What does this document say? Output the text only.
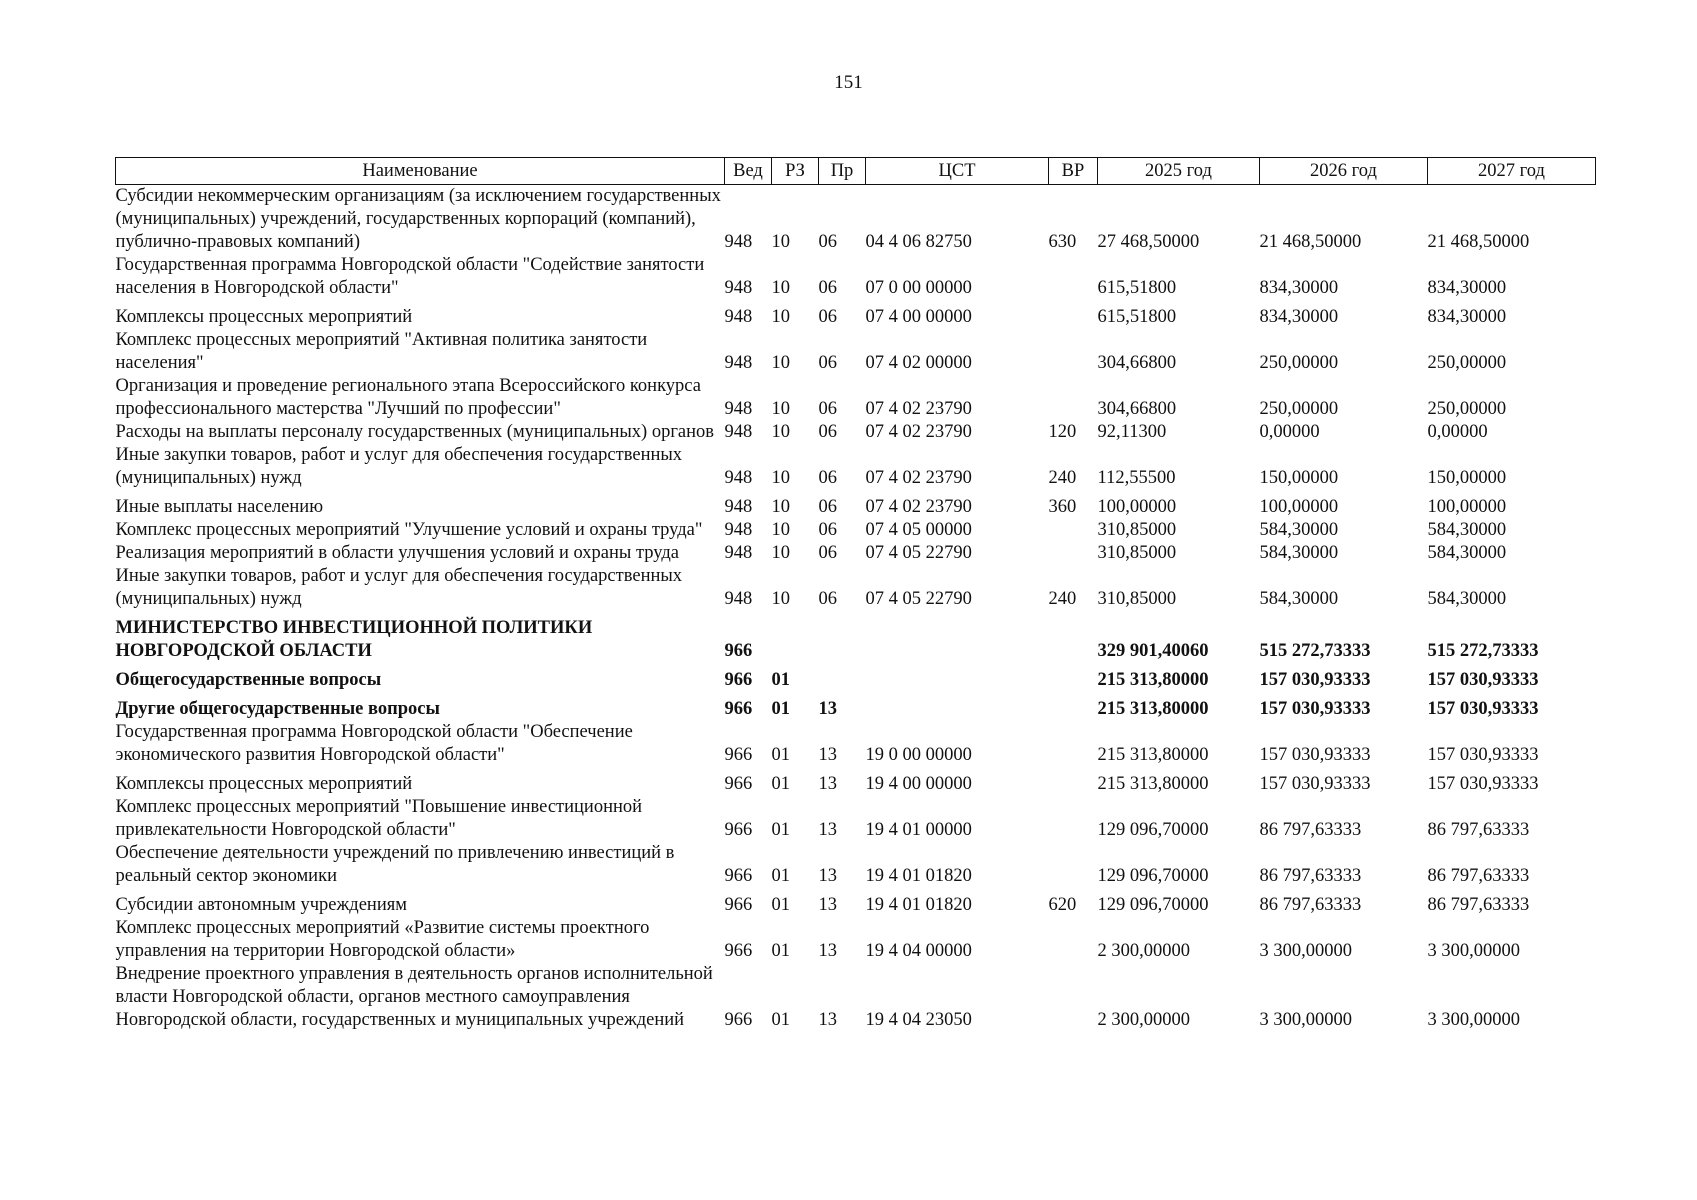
151
Наименование	Вед	РЗ	Пр	ЦСТ	ВР	2025 год	2026 год	2027 год
Субсидии некоммерческим организациям (за исключением государственных (муниципальных) учреждений, государственных корпораций (компаний), публично-правовых компаний)	948	10	06	04 4 06 82750	630	27 468,50000	21 468,50000	21 468,50000
Государственная программа Новгородской области "Содействие занятости населения в Новгородской области"	948	10	06	07 0 00 00000		615,51800	834,30000	834,30000
Комплексы процессных мероприятий	948	10	06	07 4 00 00000		615,51800	834,30000	834,30000
Комплекс процессных мероприятий "Активная политика занятости населения"	948	10	06	07 4 02 00000		304,66800	250,00000	250,00000
Организация и проведение регионального этапа Всероссийского конкурса профессионального мастерства "Лучший по профессии"	948	10	06	07 4 02 23790		304,66800	250,00000	250,00000
Расходы на выплаты персоналу государственных (муниципальных) органов	948	10	06	07 4 02 23790	120	92,11300	0,00000	0,00000
Иные закупки товаров, работ и услуг для обеспечения государственных (муниципальных) нужд	948	10	06	07 4 02 23790	240	112,55500	150,00000	150,00000
Иные выплаты населению	948	10	06	07 4 02 23790	360	100,00000	100,00000	100,00000
Комплекс процессных мероприятий "Улучшение условий и охраны труда"	948	10	06	07 4 05 00000		310,85000	584,30000	584,30000
Реализация мероприятий в области улучшения условий и охраны труда	948	10	06	07 4 05 22790		310,85000	584,30000	584,30000
Иные закупки товаров, работ и услуг для обеспечения государственных (муниципальных) нужд	948	10	06	07 4 05 22790	240	310,85000	584,30000	584,30000
МИНИСТЕРСТВО ИНВЕСТИЦИОННОЙ ПОЛИТИКИ НОВГОРОДСКОЙ ОБЛАСТИ	966					329 901,40060	515 272,73333	515 272,73333
Общегосударственные вопросы	966	01				215 313,80000	157 030,93333	157 030,93333
Другие общегосударственные вопросы	966	01	13			215 313,80000	157 030,93333	157 030,93333
Государственная программа Новгородской области "Обеспечение экономического развития Новгородской области"	966	01	13	19 0 00 00000		215 313,80000	157 030,93333	157 030,93333
Комплексы процессных мероприятий	966	01	13	19 4 00 00000		215 313,80000	157 030,93333	157 030,93333
Комплекс процессных мероприятий "Повышение инвестиционной привлекательности Новгородской области"	966	01	13	19 4 01 00000		129 096,70000	86 797,63333	86 797,63333
Обеспечение деятельности учреждений по привлечению инвестиций в реальный сектор экономики	966	01	13	19 4 01 01820		129 096,70000	86 797,63333	86 797,63333
Субсидии автономным учреждениям	966	01	13	19 4 01 01820	620	129 096,70000	86 797,63333	86 797,63333
Комплекс процессных мероприятий «Развитие системы проектного управления на территории Новгородской области»	966	01	13	19 4 04 00000		2 300,00000	3 300,00000	3 300,00000
Внедрение проектного управления в деятельность органов исполнительной власти Новгородской области, органов местного самоуправления Новгородской области, государственных и муниципальных учреждений	966	01	13	19 4 04 23050		2 300,00000	3 300,00000	3 300,00000
